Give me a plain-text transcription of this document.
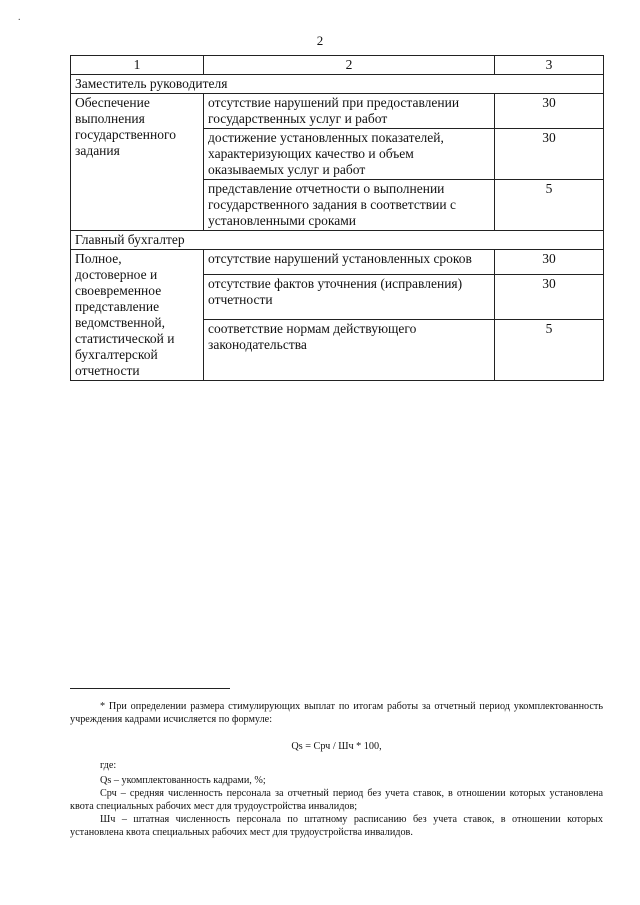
.
2
1	2	3
Заместитель руководителя		

Обеспечение выполнения государственного задания	отсутствие нарушений при предоставлении государственных услуг и работ	30
	достижение установленных показателей, характеризующих качество и объем оказываемых услуг и работ	30
	представление отчетности о выполнении государственного задания в соответствии с установленными сроками	5
Главный бухгалтер		

Полное, достоверное и своевременное представление ведомственной, статистической и бухгалтерской отчетности	отсутствие нарушений установленных сроков	30
	отсутствие фактов уточнения (исправления) отчетности	30
	соответствие нормам действующего законодательства	5

* При определении размера стимулирующих выплат по итогам работы за отчетный период укомплектованность учреждения кадрами исчисляется по формуле:

Qs = Срч / Шч * 100,

где:

Qs – укомплектованность кадрами, %;

Срч – средняя численность персонала за отчетный период без учета ставок, в отношении которых установлена квота специальных рабочих мест для трудоустройства инвалидов;

Шч – штатная численность персонала по штатному расписанию без учета ставок, в отношении которых установлена квота специальных рабочих мест для трудоустройства инвалидов.
